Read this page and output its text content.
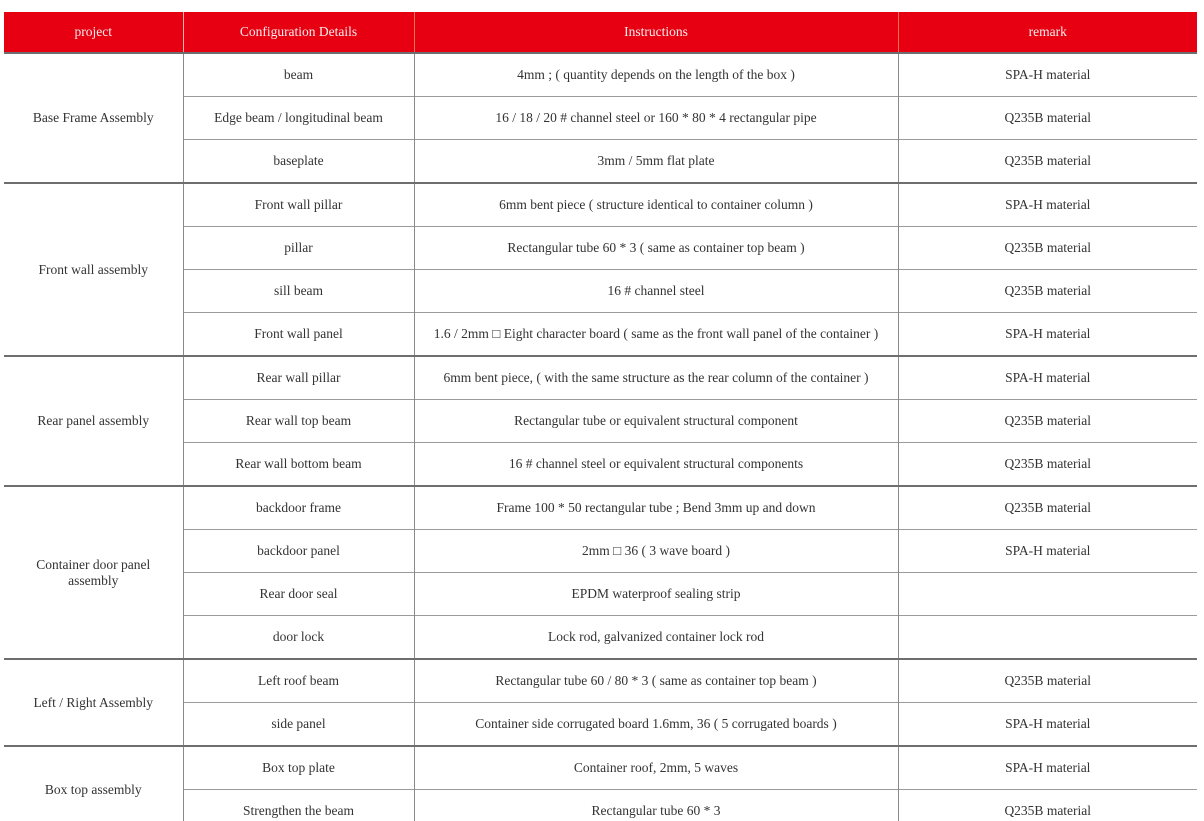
project	Configuration Details	Instructions	remark
Base Frame Assembly	beam	4mm ; ( quantity depends on the length of the box )	SPA-H material
	Edge beam / longitudinal beam	16 / 18 / 20 # channel steel or 160 * 80 * 4 rectangular pipe	Q235B material
	baseplate	3mm / 5mm flat plate	Q235B material
Front wall assembly	Front wall pillar	6mm bent piece ( structure identical to container column )	SPA-H material
	pillar	Rectangular tube 60 * 3 ( same as container top beam )	Q235B material
	sill beam	16 # channel steel	Q235B material
	Front wall panel	1.6 / 2mm □ Eight character board ( same as the front wall panel of the container )	SPA-H material
Rear panel assembly	Rear wall pillar	6mm bent piece, ( with the same structure as the rear column of the container )	SPA-H material
	Rear wall top beam	Rectangular tube or equivalent structural component	Q235B material
	Rear wall bottom beam	16 # channel steel or equivalent structural components	Q235B material
Container door panel assembly	backdoor frame	Frame 100 * 50 rectangular tube ; Bend 3mm up and down	Q235B material
	backdoor panel	2mm □ 36 ( 3 wave board )	SPA-H material
	Rear door seal	EPDM waterproof sealing strip	
	door lock	Lock rod, galvanized container lock rod	
Left / Right Assembly	Left roof beam	Rectangular tube 60 / 80 * 3 ( same as container top beam )	Q235B material
	side panel	Container side corrugated board 1.6mm, 36 ( 5 corrugated boards )	SPA-H material
Box top assembly	Box top plate	Container roof, 2mm, 5 waves	SPA-H material
	Strengthen the beam	Rectangular tube 60 * 3	Q235B material
